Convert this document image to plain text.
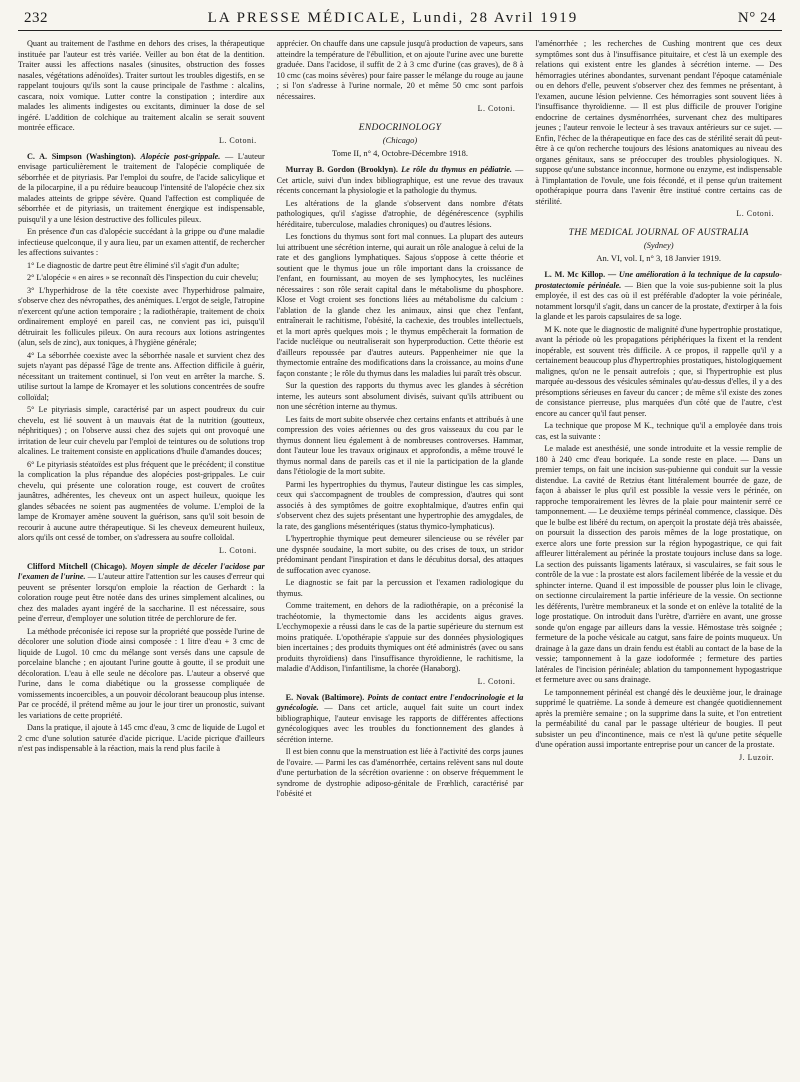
232	LA PRESSE MÉDICALE, Lundi, 28 Avril 1919	N° 24

Quant au traitement de l'asthme en dehors des crises, la thérapeutique instituée par l'auteur est très variée. Veiller au bon état de la dentition. Traiter aussi les affections nasales (sinusites, obstruction des fosses nasales, végétations adénoïdes). Traiter surtout les troubles digestifs, en se rappelant toujours qu'ils sont la cause principale de l'asthme : alcalins, cascara, noix vomique. Lutter contre la constipation ; interdire aux malades les aliments indigestes ou excitants, diminuer la dose de sel ingéré. L'addition de colchique au traitement alcalin se serait souvent montrée efficace.

L. Cotoni.

C. A. Simpson (Washington). Alopécie post-grippale. — L'auteur envisage particulièrement le traitement de l'alopécie compliquée de séborrhée et de pityriasis. Par l'emploi du soufre, de l'acide salicylique et de la pilocarpine, il a pu réduire beaucoup l'intensité de l'alopécie chez six malades atteints de grippe sévère. Quand l'affection est compliquée de séborrhée et de pityriasis, un traitement énergique est indispensable, puisqu'il y a une lésion destructive des follicules pileux.

En présence d'un cas d'alopécie succédant à la grippe ou d'une maladie infectieuse quelconque, il y aura lieu, par un examen attentif, de rechercher les affections suivantes :

1° Le diagnostic de dartre peut être éliminé s'il s'agit d'un adulte;

2° L'alopécie « en aires » se reconnaît dès l'inspection du cuir chevelu;

3° L'hyperhidrose de la tête coexiste avec l'hyperhidrose palmaire, s'observe chez des névropathes, des anémiques. L'ergot de seigle, l'atropine n'exercent qu'une action temporaire ; la radiothérapie, traitement de choix ordinairement employé en pareil cas, ne convient pas ici, puisqu'il détruirait les follicules pileux. On aura recours aux lotions astringentes (alun, sels de zinc), aux toniques, à l'hygiène générale;

4° La séborrhée coexiste avec la séborrhée nasale et survient chez des sujets n'ayant pas dépassé l'âge de trente ans. Affection difficile à guérir, nécessitant un traitement continuel, si l'on veut en arrêter la marche. S. utilise surtout la lampe de Kromayer et les solutions concentrées de soufre colloïdal;

5° Le pityriasis simple, caractérisé par un aspect poudreux du cuir chevelu, est lié souvent à un mauvais état de la nutrition (goutteux, néphritiques) ; on l'observe aussi chez des sujets qui ont provoqué une irritation de leur cuir chevelu par l'emploi de teintures ou de solutions trop alcalines. Le traitement consiste en applications d'huile d'amandes douces;

6° Le pityriasis stéatoïdes est plus fréquent que le précédent; il constitue la complication la plus répandue des alopécies post-grippales. Le cuir chevelu, qui présente une coloration rouge, est couvert de croûtes jaunâtres, adhérentes, les cheveux ont un aspect huileux, quoique les glandes sébacées ne soient pas augmentées de volume. L'emploi de la lampe de Kromayer amène souvent la guérison, sans qu'il soit besoin de recourir à aucune autre thérapeutique. Si les cheveux demeurent huileux, alors qu'ils ont cessé de tomber, on s'adressera au soufre colloïdal.

L. Cotoni.

Clifford Mitchell (Chicago). Moyen simple de déceler l'acidose par l'examen de l'urine. — L'auteur attire l'attention sur les causes d'erreur qui peuvent se présenter lorsqu'on emploie la réaction de Gerhardt : la coloration rouge peut être notée dans des urines simplement alcalines, ou chez des malades ayant ingéré de la saccharine. Il est nécessaire, sous peine d'erreur, d'employer une solution titrée de perchlorure de fer.

La méthode préconisée ici repose sur la propriété que possède l'urine de décolorer une solution d'iode ainsi composée : 1 litre d'eau + 3 cmc de liquide de Lugol. 10 cmc du mélange sont versés dans une capsule de porcelaine blanche ; en ajoutant l'urine goutte à goutte, il se produit une décoloration. L'eau à elle seule ne décolore pas. L'auteur a observé que l'urine, dans le coma diabétique ou la grossesse compliquée de vomissements incoercibles, a un pouvoir décolorant beaucoup plus intense. Par ce procédé, il prétend même au jour le jour tirer un pronostic, suivant les variations de cette propriété.

Dans la pratique, il ajoute à 145 cmc d'eau, 3 cmc de liquide de Lugol et 2 cmc d'une solution saturée d'acide picrique. L'acide picrique d'ailleurs n'est pas indispensable à la réaction, mais la rend plus facile à

apprécier. On chauffe dans une capsule jusqu'à production de vapeurs, sans atteindre la température de l'ébullition, et on ajoute l'urine avec une burette graduée. Dans l'acidose, il suffit de 2 à 3 cmc d'urine (cas graves), de 8 à 10 cmc (cas moins sévères) pour faire passer le mélange du rouge au jaune ; si l'on s'adresse à l'urine normale, 20 et même 50 cmc sont parfois nécessaires.

L. Cotoni.
ENDOCRINOLOGY
(Chicago)
Tome II, n° 4, Octobre-Décembre 1918.

Murray B. Gordon (Brooklyn). Le rôle du thymus en pédiatrie. — Cet article, suivi d'un index bibliographique, est une revue des travaux récents concernant la physiologie et la pathologie du thymus.

Les altérations de la glande s'observent dans nombre d'états pathologiques, qu'il s'agisse d'atrophie, de dégénérescence (syphilis héréditaire, tuberculose, maladies chroniques) ou d'autres lésions.

Les fonctions du thymus sont fort mal connues. La plupart des auteurs lui attribuent une sécrétion interne, qui aurait un rôle analogue à celui de la rate et des ganglions lymphatiques. Sajous s'oppose à cette théorie et soutient que le thymus joue un rôle important dans la croissance de l'enfant, en fournissant, au moyen de ses lymphocytes, les nucléines nécessaires : son rôle serait capital dans le métabolisme du phosphore. Klose et Vogt croient ses fonctions liées au métabolisme du calcium : l'ablation de la glande chez les animaux, ainsi que chez l'enfant, entraînerait le rachitisme, l'obésité, la cachexie, des troubles intellectuels, et la mort après quelques mois ; le thymus empêcherait la formation de l'acide nucléique ou neutraliserait son hyperproduction. Cette théorie est d'ailleurs repoussée par d'autres auteurs. Pappenheimer nie que la thymectomie entraîne des modifications dans la croissance, au moins d'une façon constante ; le rôle du thymus dans les maladies lui paraît très obscur.

Sur la question des rapports du thymus avec les glandes à sécrétion interne, les auteurs sont absolument divisés, suivant qu'ils attribuent ou non une sécrétion interne au thymus.

Les faits de mort subite observée chez certains enfants et attribués à une compression des voies aériennes ou des gros vaisseaux du cou par le thymus donnent lieu également à de nombreuses controverses. Hammar, dont l'auteur loue les travaux originaux et approfondis, a même trouvé le thymus normal dans de pareils cas et il nie la participation de la glande dans l'étiologie de la mort subite.

Parmi les hypertrophies du thymus, l'auteur distingue les cas simples, ceux qui s'accompagnent de troubles de compression, d'autres qui sont associés à des symptômes de goitre exophtalmique, d'autres enfin qui s'observent chez des sujets présentant une hypertrophie des amygdales, de la rate, des ganglions mésentériques (status thymico-lymphaticus).

L'hypertrophie thymique peut demeurer silencieuse ou se révéler par une dyspnée soudaine, la mort subite, ou des crises de toux, un stridor prédominant pendant l'inspiration et dans le décubitus dorsal, des attaques de suffocation avec cyanose.

Le diagnostic se fait par la percussion et l'examen radiologique du thymus.

Comme traitement, en dehors de la radiothérapie, on a préconisé la trachéotomie, la thymectomie dans les accidents aigus graves. L'ecchymopexie a réussi dans le cas de la partie supérieure du sternum est moins pratiquée. L'opothérapie s'appuie sur des données physiologiques bien incertaines ; des produits thymiques ont été administrés (avec ou sans produits thyroïdiens) dans l'insuffisance thyroïdienne, le rachitisme, la maladie d'Addison, l'infantilisme, la chorée (Hanaborg).

L. Cotoni.

E. Novak (Baltimore). Points de contact entre l'endocrinologie et la gynécologie. — Dans cet article, auquel fait suite un court index bibliographique, l'auteur envisage les rapports de différentes affections gynécologiques avec les troubles du fonctionnement des glandes à sécrétion interne.

Il est bien connu que la menstruation est liée à l'activité des corps jaunes de l'ovaire. — Parmi les cas d'aménorrhée, certains relèvent sans nul doute d'une perturbation de la sécrétion ovarienne : on observe fréquemment le syndrome de dystrophie adiposo-génitale de Frœhlich, caractérisé par l'obésité et

l'aménorrhée ; les recherches de Cushing montrent que ces deux symptômes sont dus à l'insuffisance pituitaire, et c'est là un exemple des relations qui existent entre les glandes à sécrétion interne. — Des hémorragies utérines abondantes, survenant pendant l'époque cataméniale ou en dehors d'elle, peuvent s'observer chez des femmes ne présentant, à l'examen, aucune lésion pelvienne. Ces hémorragies sont souvent liées à l'insuffisance thyroïdienne. — Il est plus difficile de prouver l'origine endocrine de certaines dysménorrhées, survenant chez des multipares jeunes ; l'auteur renvoie le lecteur à ses travaux antérieurs sur ce sujet. — Enfin, l'échec de la thérapeutique en face des cas de stérilité serait dû peut-être à ce qu'on recherche toujours des lésions anatomiques au niveau des organes génitaux, sans se préoccuper des troubles physiologiques. N. suppose qu'une substance inconnue, hormone ou enzyme, est indispensable à l'implantation de l'ovule, une fois fécondé, et il pense qu'un traitement opothérapique pourra dans l'avenir être institué contre certains cas de stérilité.

L. Cotoni.
THE MEDICAL JOURNAL OF AUSTRALIA
(Sydney)
An. VI, vol. I, n° 3, 18 Janvier 1919.

L. M. Mc Killop. — Une amélioration à la technique de la capsulo-prostatectomie périnéale. — Bien que la voie sus-pubienne soit la plus employée, il est des cas où il est préférable d'adopter la voie périnéale, notamment lorsqu'il s'agit, dans un cancer de la prostate, d'extirper à la fois la glande et les parois capsulaires de sa loge.

M K. note que le diagnostic de malignité d'une hypertrophie prostatique, avant la période où les propagations périphériques la fixent et la rendent inopérable, est souvent très difficile. A ce propos, il rappelle qu'il y a certainement beaucoup plus d'hypertrophies prostatiques, histologiquement malignes, qu'on ne le pensait autrefois ; que, si l'hypertrophie est plus marquée au-dessous des vésicules séminales qu'au-dessus d'elles, il y a des présomptions sérieuses en faveur du cancer ; de même s'il existe des zones de consistance pierreuse, plus marquées d'un côté que de l'autre, c'est encore au cancer qu'il faut penser.

La technique que propose M K., technique qu'il a employée dans trois cas, est la suivante :

Le malade est anesthésié, une sonde introduite et la vessie remplie de 180 à 240 cmc d'eau boriquée. La sonde reste en place. — Dans un premier temps, on fait une incision sus-pubienne qui conduit sur la vessie distendue. La cavité de Retzius étant littéralement bourrée de gaze, de façon à abaisser le plus qu'il est possible la vessie vers le périnée, on rapproche temporairement les lèvres de la plaie pour maintenir serré ce tamponnement. — Le deuxième temps périnéal commence, classique. Dès que le bulbe est libéré du rectum, on aperçoit la prostate déjà très abaissée, on poursuit la dissection des parois mêmes de la loge prostatique, on exerce alors une forte pression sur la région hypogastrique, ce qui fait affleurer littéralement au périnée la prostate toujours incluse dans sa loge. La section des puissants ligaments latéraux, si vasculaires, se fait sous le contrôle de la vue : la prostate est alors facilement libérée de la vessie et du sphincter interne. Quand il est impossible de pousser plus loin le clivage, on sectionne circulairement la partie inférieure de la vessie. On sectionne les déférents, l'urètre membraneux et la sonde et on enlève la totalité de la loge prostatique. On introduit dans l'urètre, d'arrière en avant, une grosse sonde qu'on engage par ailleurs dans la vessie. Hémostase très soignée ; fermeture de la poche vésicale au catgut, sans faire de points muqueux. Un drainage à la gaze dans un drain fendu est établi au contact de la base de la vessie; tamponnement à la gaze iodoformée ; fermeture des parties latérales de l'incision périnéale; ablation du tamponnement hypogastrique et fermeture avec ou sans drainage.

Le tamponnement périnéal est changé dès le deuxième jour, le drainage supprimé le quatrième. La sonde à demeure est changée quotidiennement après la première semaine ; on la supprime dans la suite, et l'on entretient la perméabilité du canal par le passage ultérieur de bougies. Il peut subsister un peu d'incontinence, mais ce n'est là qu'une petite séquelle d'une opération aussi importante entreprise pour un cancer de la prostate.

J. Luzoir.
